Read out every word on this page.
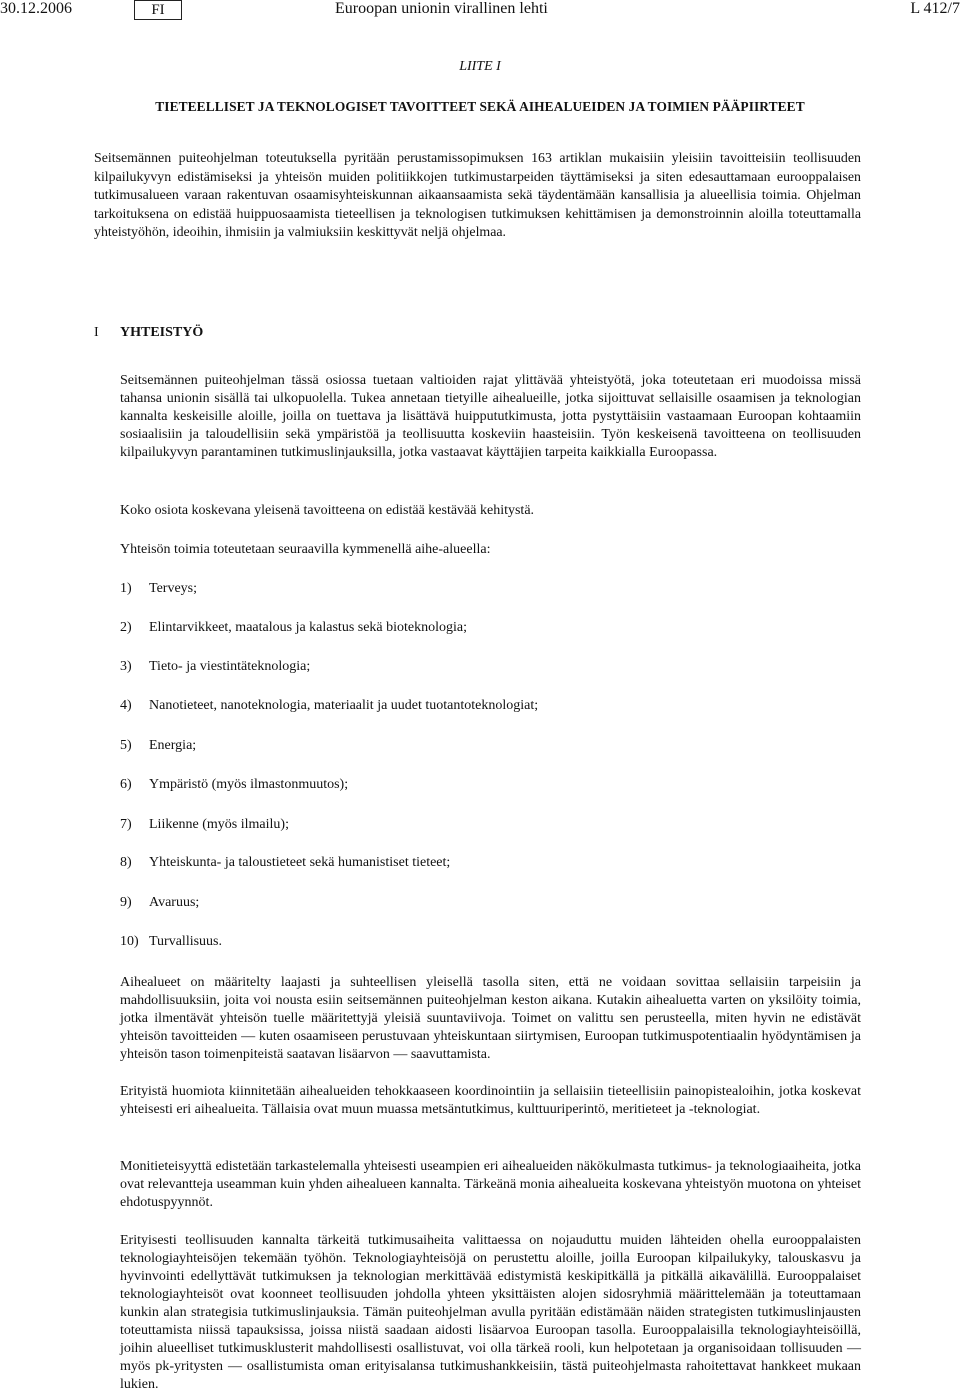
30.12.2006	FI	Euroopan unionin virallinen lehti	L 412/7
LIITE I
TIETEELLISET JA TEKNOLOGISET TAVOITTEET SEKÄ AIHEALUEIDEN JA TOIMIEN PÄÄPIIRTEET

Seitsemännen puiteohjelman toteutuksella pyritään perustamissopimuksen 163 artiklan mukaisiin yleisiin tavoitteisiin teollisuuden kilpailukyvyn edistämiseksi ja yhteisön muiden politiikkojen tutkimustarpeiden täyttämiseksi ja siten edesauttamaan eurooppalaisen tutkimusalueen varaan rakentuvan osaamisyhteiskunnan aikaansaamista sekä täydentämään kansallisia ja alueellisia toimia. Ohjelman tarkoituksena on edistää huippuosaamista tieteellisen ja teknologisen tutkimuksen kehittämisen ja demonstroinnin aloilla toteuttamalla yhteistyöhön, ideoihin, ihmisiin ja valmiuksiin keskittyvät neljä ohjelmaa.

I YHTEISTYÖ

Seitsemännen puiteohjelman tässä osiossa tuetaan valtioiden rajat ylittävää yhteistyötä, joka toteutetaan eri muodoissa missä tahansa unionin sisällä tai ulkopuolella. Tukea annetaan tietyille aihealueille, jotka sijoittuvat sellaisille osaamisen ja teknologian kannalta keskeisille aloille, joilla on tuettava ja lisättävä huippututkimusta, jotta pystyttäisiin vastaamaan Euroopan kohtaamiin sosiaalisiin ja taloudellisiin sekä ympäristöä ja teollisuutta koskeviin haasteisiin. Työn keskeisenä tavoitteena on teollisuuden kilpailukyvyn parantaminen tutkimuslinjauksilla, jotka vastaavat käyttäjien tarpeita kaikkialla Euroopassa.

Koko osiota koskevana yleisenä tavoitteena on edistää kestävää kehitystä.

Yhteisön toimia toteutetaan seuraavilla kymmenellä aihe-alueella:

1) Terveys;
2) Elintarvikkeet, maatalous ja kalastus sekä bioteknologia;
3) Tieto- ja viestintäteknologia;
4) Nanotieteet, nanoteknologia, materiaalit ja uudet tuotantoteknologiat;
5) Energia;
6) Ympäristö (myös ilmastonmuutos);
7) Liikenne (myös ilmailu);
8) Yhteiskunta- ja taloustieteet sekä humanistiset tieteet;
9) Avaruus;
10) Turvallisuus.

Aihealueet on määritelty laajasti ja suhteellisen yleisellä tasolla siten, että ne voidaan sovittaa sellaisiin tarpeisiin ja mahdollisuuksiin, joita voi nousta esiin seitsemännen puiteohjelman keston aikana. Kutakin aihealuetta varten on yksilöity toimia, jotka ilmentävät yhteisön tuelle määritettyjä yleisiä suuntaviivoja. Toimet on valittu sen perusteella, miten hyvin ne edistävät yhteisön tavoitteiden — kuten osaamiseen perustuvaan yhteiskuntaan siirtymisen, Euroopan tutkimuspotentiaalin hyödyntämisen ja yhteisön tason toimenpiteistä saatavan lisäarvon — saavuttamista.

Erityistä huomiota kiinnitetään aihealueiden tehokkaaseen koordinointiin ja sellaisiin tieteellisiin painopistealoihin, jotka koskevat yhteisesti eri aihealueita. Tällaisia ovat muun muassa metsäntutkimus, kulttuuriperintö, meritieteet ja -teknologiat.

Monitieteisyyttä edistetään tarkastelemalla yhteisesti useampien eri aihealueiden näkökulmasta tutkimus- ja teknologiaaiheita, jotka ovat relevantteja useamman kuin yhden aihealueen kannalta. Tärkeänä monia aihealueita koskevana yhteistyön muotona on yhteiset ehdotuspyynnöt.

Erityisesti teollisuuden kannalta tärkeitä tutkimusaiheita valittaessa on nojauduttu muiden lähteiden ohella eurooppalaisten teknologiayhteisöjen tekemään työhön. Teknologiayhteisöjä on perustettu aloille, joilla Euroopan kilpailukyky, talouskasvu ja hyvinvointi edellyttävät tutkimuksen ja teknologian merkittävää edistymistä keskipitkällä ja pitkällä aikavälillä. Eurooppalaiset teknologiayhteisöt ovat koonneet teollisuuden johdolla yhteen yksittäisten alojen sidosryhmiä määrittelemään ja toteuttamaan kunkin alan strategisia tutkimuslinjauksia. Tämän puiteohjelman avulla pyritään edistämään näiden strategisten tutkimuslinjausten toteuttamista niissä tapauksissa, joissa niistä saadaan aidosti lisäarvoa Euroopan tasolla. Eurooppalaisilla teknologiayhteisöillä, joihin alueelliset tutkimusklusterit mahdollisesti osallistuvat, voi olla tärkeä rooli, kun helpotetaan ja organisoidaan tollisuuden — myös pk-yritysten — osallistumista oman erityisalansa tutkimushankkeisiin, tästä puiteohjelmasta rahoitettavat hankkeet mukaan lukien.
